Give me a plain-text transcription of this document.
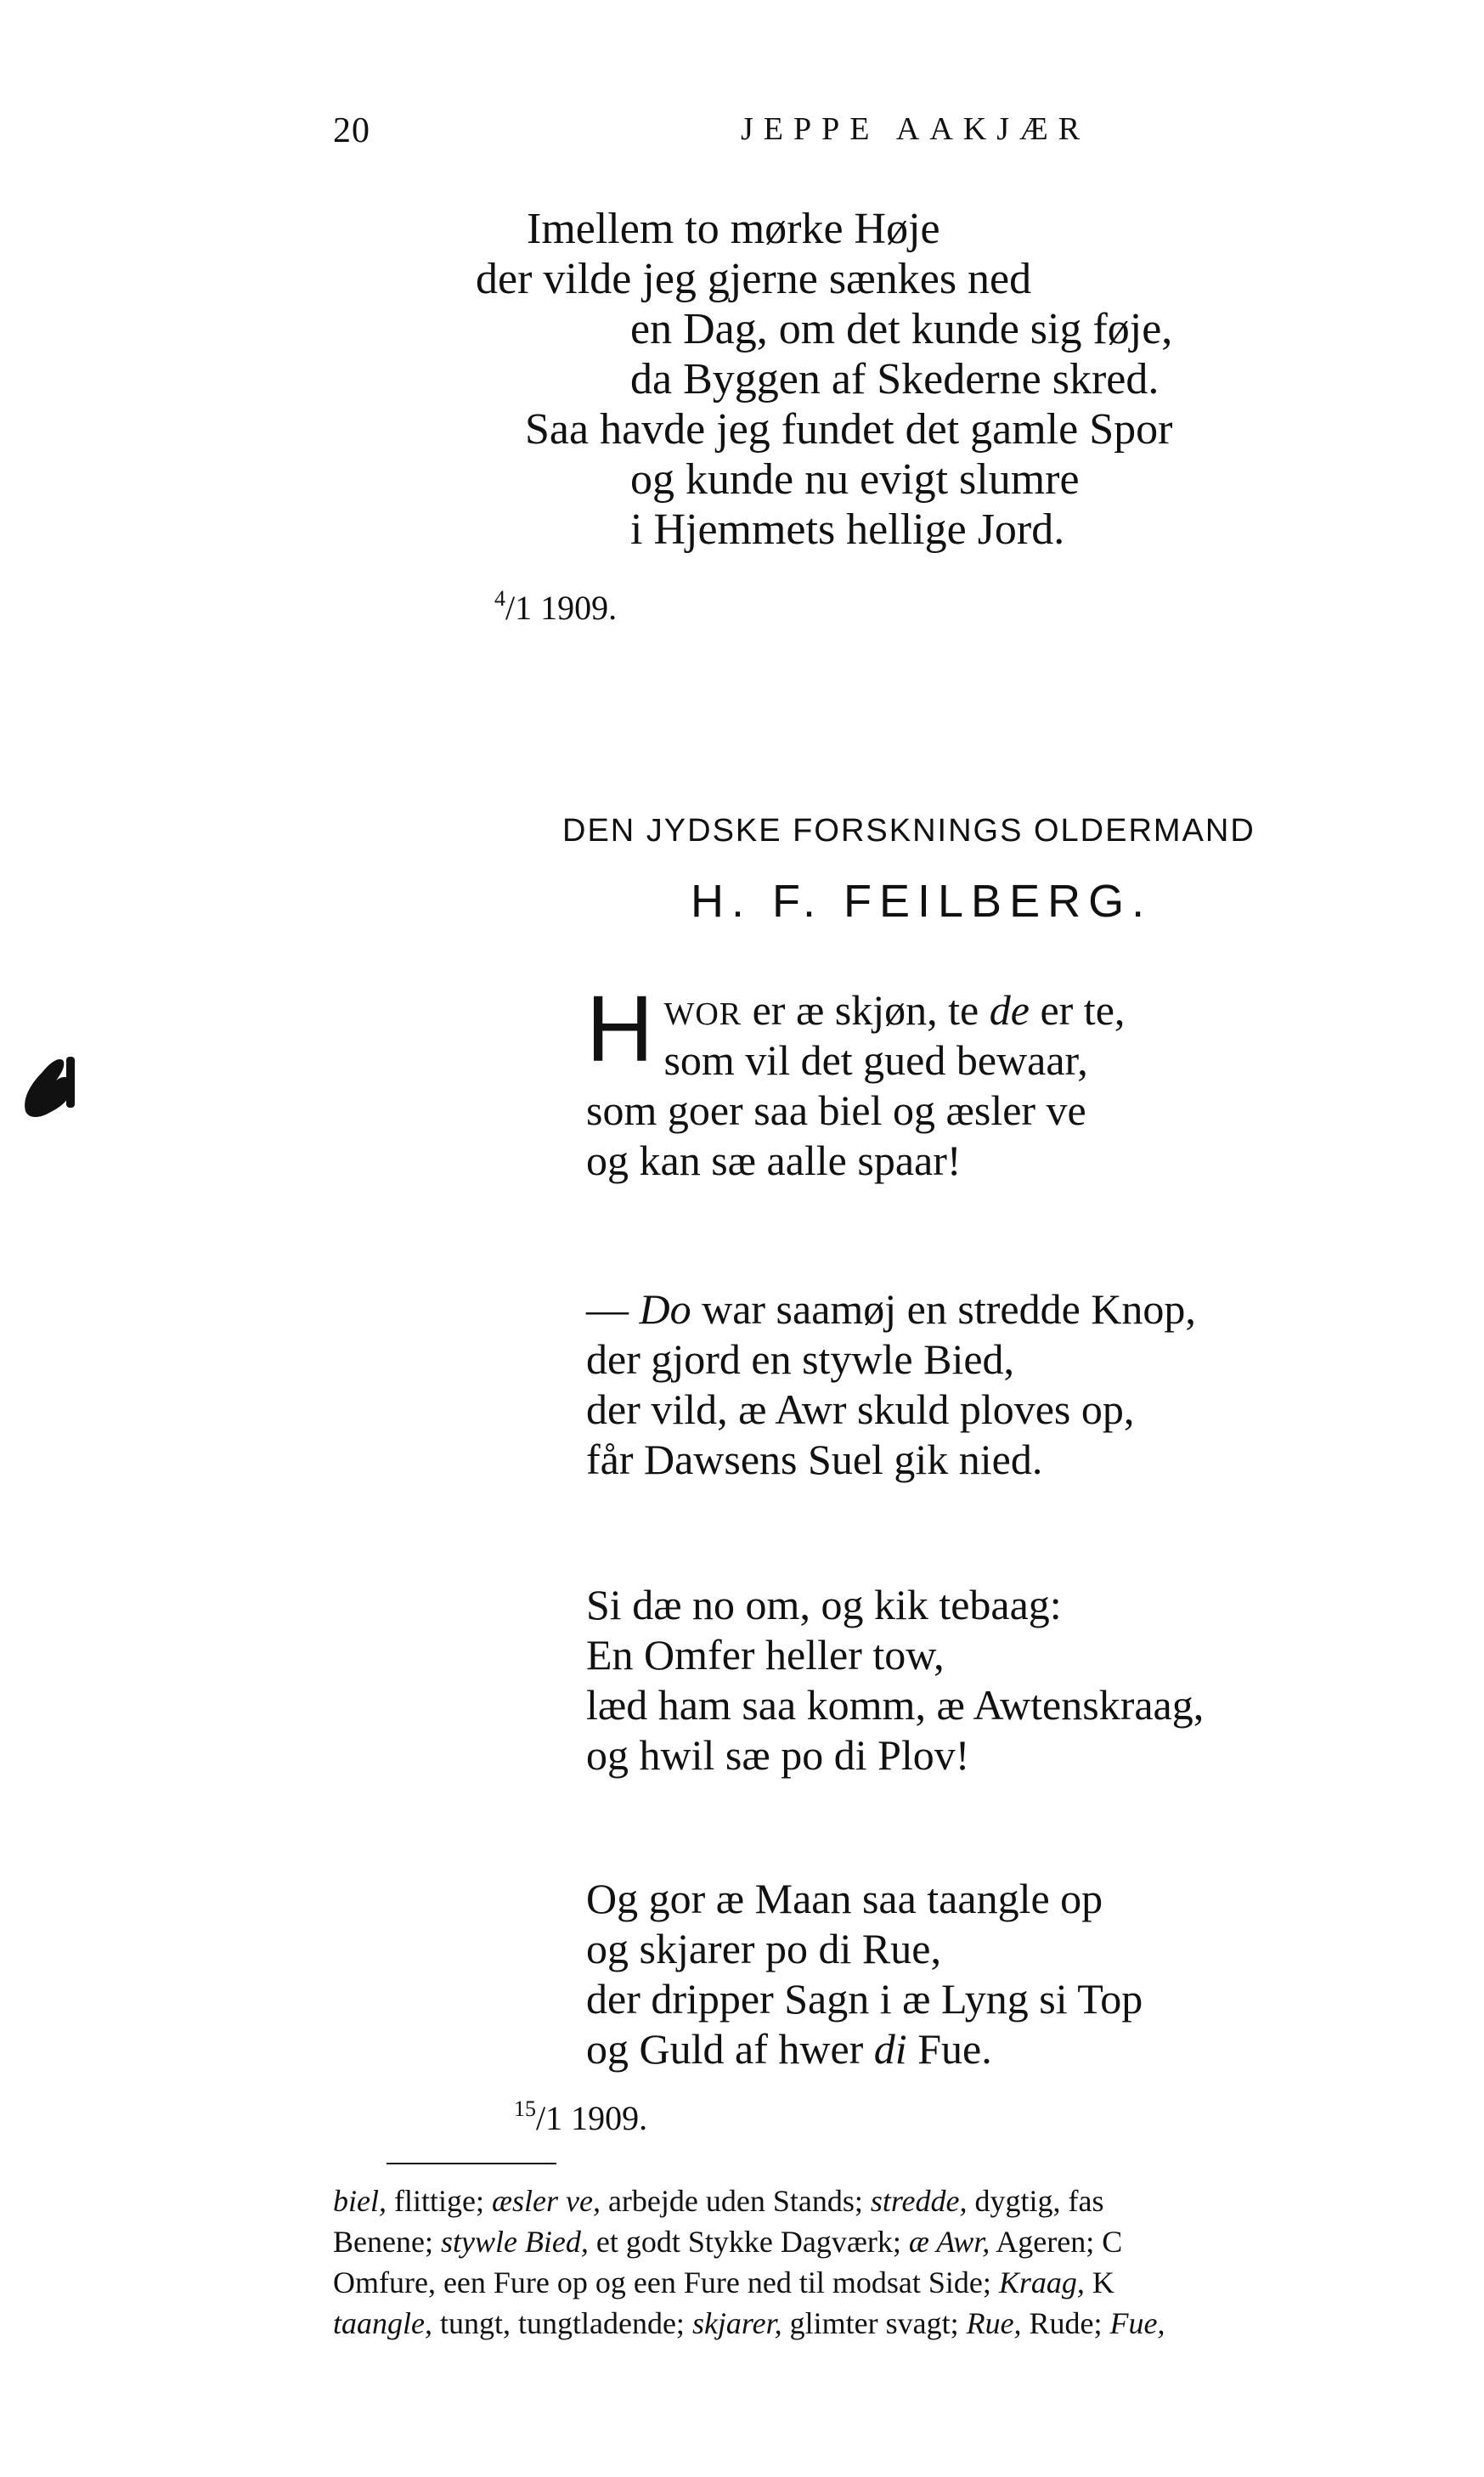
20	JEPPE AAKJÆR
Imellem to mørke Høje
der vilde jeg gjerne sænkes ned
en Dag, om det kunde sig føje,
da Byggen af Skederne skred.
Saa havde jeg fundet det gamle Spor
og kunde nu evigt slumre
i Hjemmets hellige Jord.
$^4$/1 1909.
DEN JYDSKE FORSKNINGS OLDERMAND
H. F. FEILBERG.
H WOR er æ skjøn, te de er te,
som vil det gued bewaar,
som goer saa biel og æsler ve
og kan sæ aalle spaar!
— Do war saamøj en stredde Knop,
der gjord en stywle Bied,
der vild, æ Awr skuld ploves op,
får Dawsens Suel gik nied.
Si dæ no om, og kik tebaag:
En Omfer heller tow,
læd ham saa komm, æ Awtenskraag,
og hwil sæ po di Plov!
Og gor æ Maan saa taangle op
og skjarer po di Rue,
der dripper Sagn i æ Lyng si Top
og Guld af hwer di Fue.
$^{15}$/1 1909.
biel, flittige; æsler ve, arbejde uden Stands; stredde, dygtig, fas
Benene; stywle Bied, et godt Stykke Dagværk; æ Awr, Ageren; C
Omfure, een Fure op og een Fure ned til modsat Side; Kraag, K
taangle, tungt, tungtladende; skjarer, glimter svagt; Rue, Rude; Fue,
